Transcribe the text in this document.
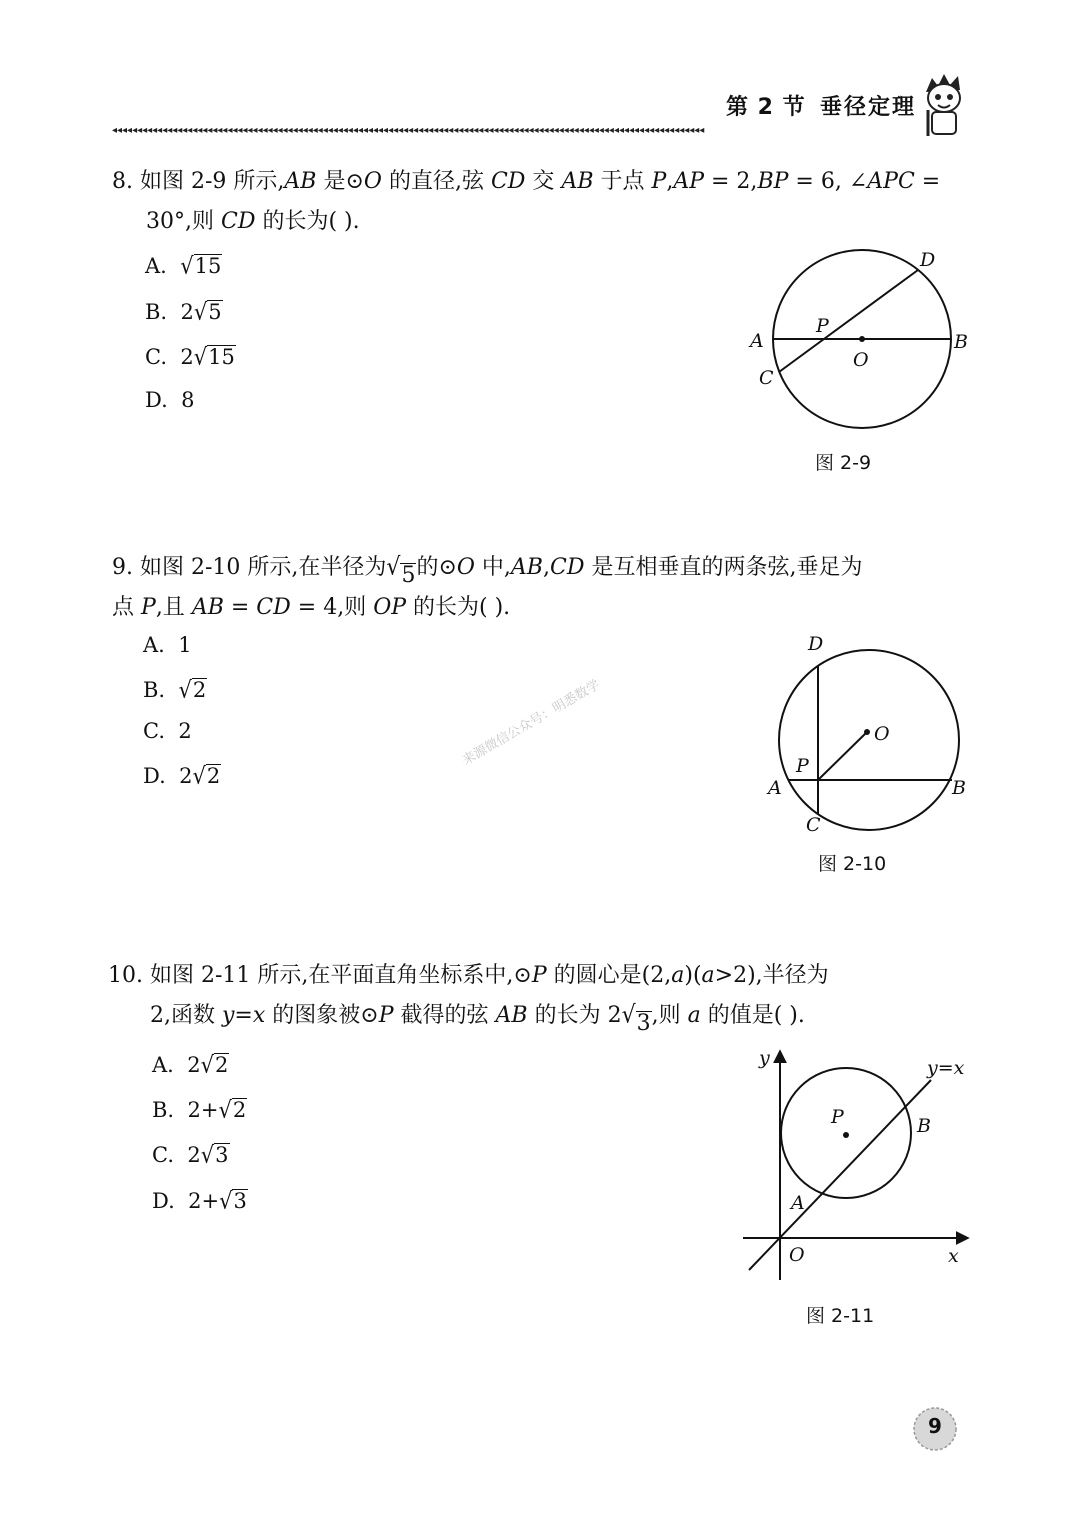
第 2 节 垂径定理
◂◂◂◂◂◂◂◂◂◂◂◂◂◂◂◂◂◂◂◂◂◂◂◂◂◂◂◂◂◂◂◂◂◂◂◂◂◂◂◂◂◂◂◂◂◂◂◂◂◂◂◂◂◂◂◂◂◂◂◂◂◂◂◂◂◂◂◂◂◂◂◂◂◂◂◂◂◂◂◂◂◂◂◂◂◂◂◂◂◂◂◂◂◂◂◂◂◂◂◂◂◂◂◂◂◂◂◂◂◂◂◂◂◂◂◂◂◂
8. 如图 2-9 所示,AB 是⊙O 的直径,弦 CD 交 AB 于点 P,AP = 2,BP = 6, ∠APC =
30°,则 CD 的长为( ).
A. √ 15
B. 2 √ 5
C. 2 √ 15
D. 8
D
P
A	B
O
C
图 2-9
9. 如图 2-10 所示,在半径为 √ 5 的⊙O 中,AB,CD 是互相垂直的两条弦,垂足为
点 P,且 AB = CD = 4,则 OP 的长为( ).
A. 1
B. √ 2
C. 2
D. 2 √ 2
D
O
P
A	B
C
图 2-10
来源微信公众号：明悉数学
10. 如图 2-11 所示,在平面直角坐标系中,⊙P 的圆心是(2,a)(a>2),半径为
2,函数 y=x 的图象被⊙P 截得的弦 AB 的长为 2 √ 3 ,则 a 的值是( ).
A. 2 √ 2
B. 2+ √ 2
C. 2 √ 3
D. 2+ √ 3
y	y=x
P	B
A
O	x
图 2-11
9
